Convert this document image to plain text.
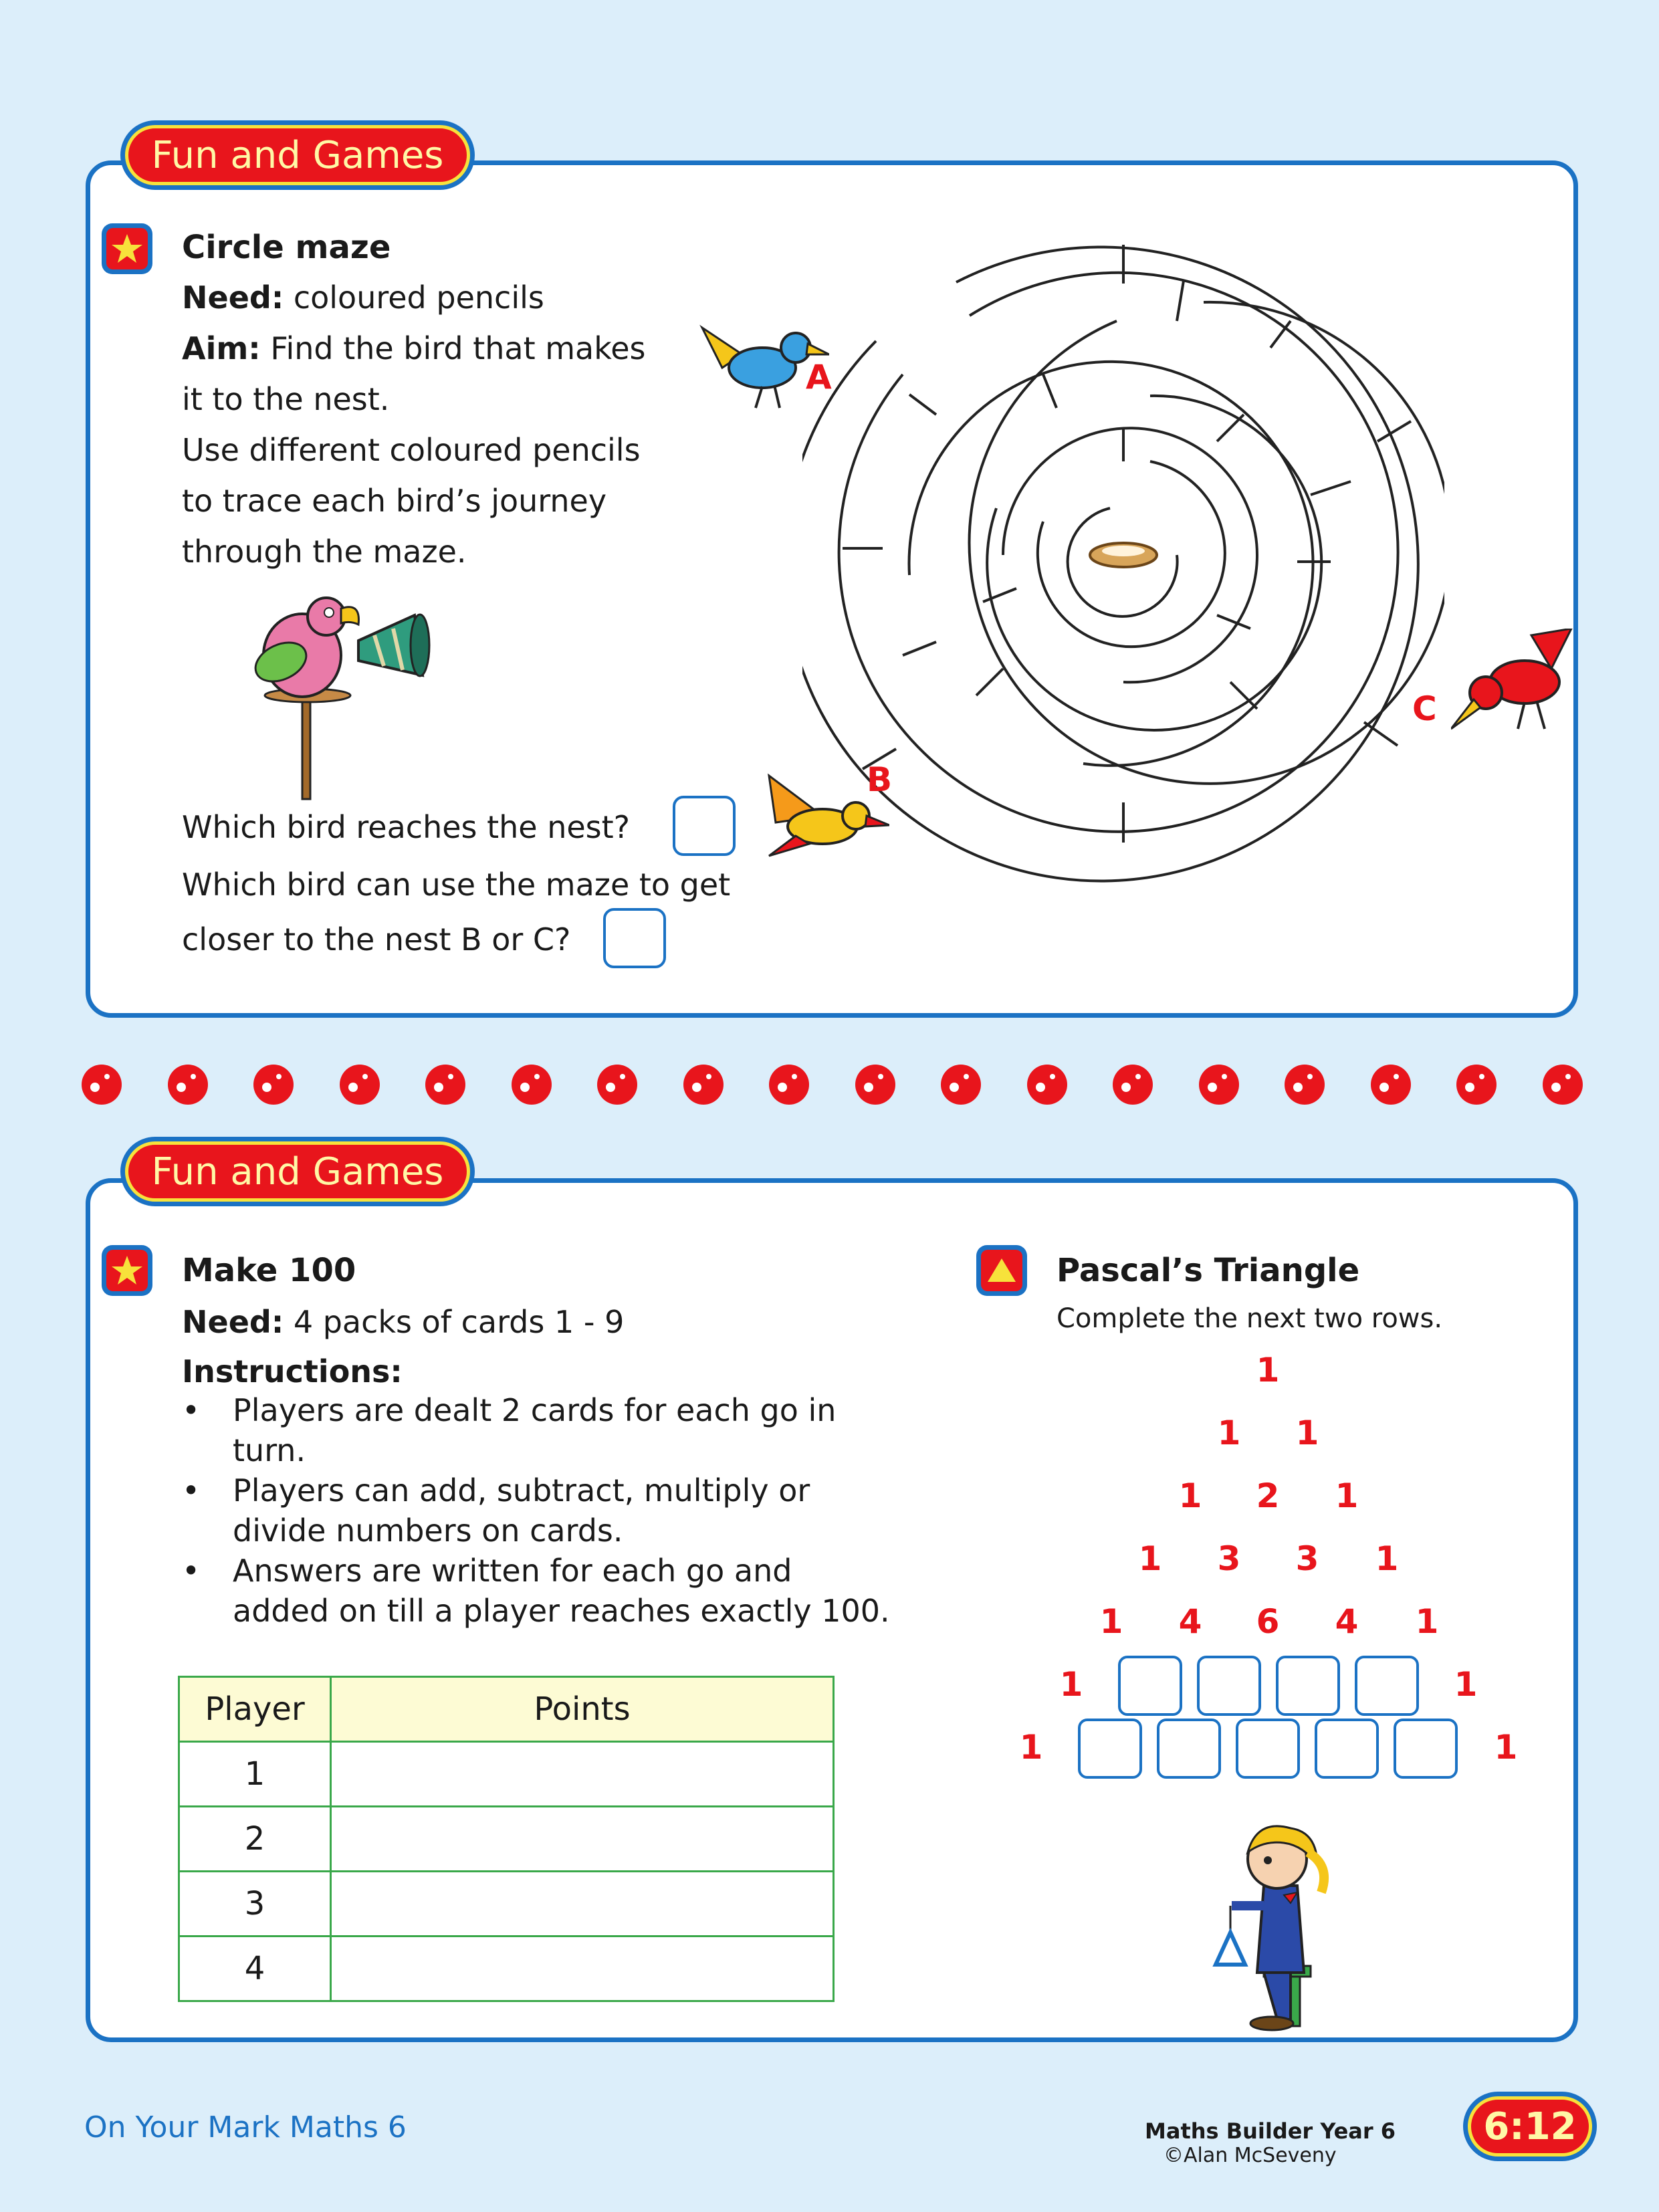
Fun and Games
Circle maze
Need: coloured pencils
Aim: Find the bird that makes
it to the nest.
Use different coloured pencils
to trace each bird’s journey
through the maze.
Which bird reaches the nest?
Which bird can use the maze to get
closer to the nest B or C?
A
B
C
Fun and Games
Make 100
Need: 4 packs of cards 1 - 9
Instructions:
• Players are dealt 2 cards for each go in
turn.
• Players can add, subtract, multiply or
divide numbers on cards.
• Answers are written for each go and
added on till a player reaches exactly 100.
Player	Points
1	
2	
3	
4	
Pascal’s Triangle
Complete the next two rows.
1
1 1
1 2 1
1 3 3 1
1 4 6 4 1
1	1
1	1
On Your Mark Maths 6	Maths Builder Year 6
©Alan McSeveny
6:12
